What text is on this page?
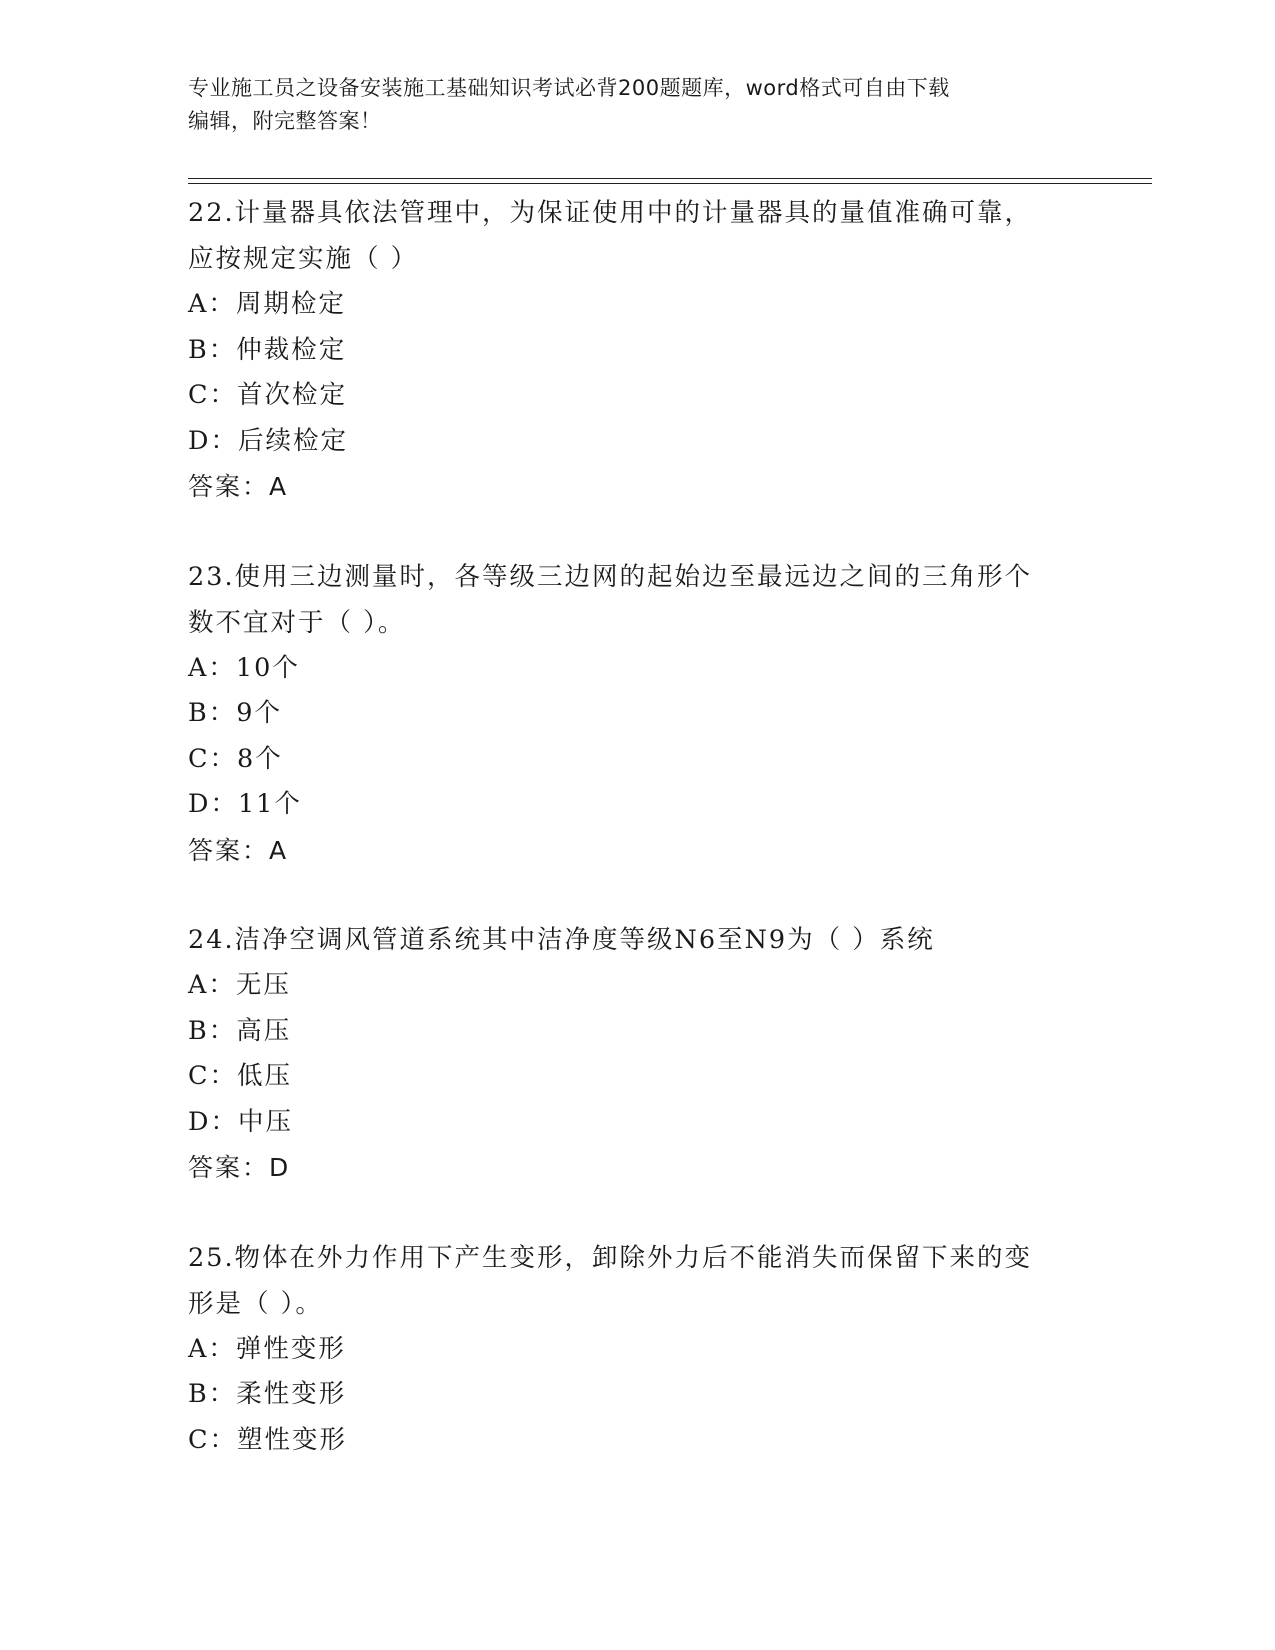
专业施工员之设备安装施工基础知识考试必背200题题库，word格式可自由下载
编辑，附完整答案！

22.计量器具依法管理中，为保证使用中的计量器具的量值准确可靠，

应按规定实施（ ）

A：周期检定

B：仲裁检定

C：首次检定

D：后续检定

答案：A

23.使用三边测量时，各等级三边网的起始边至最远边之间的三角形个

数不宜对于（ ）。

A：10个

B：9个

C：8个

D：11个

答案：A

24.洁净空调风管道系统其中洁净度等级N6至N9为（ ）系统

A：无压

B：高压

C：低压

D：中压

答案：D

25.物体在外力作用下产生变形，卸除外力后不能消失而保留下来的变

形是（ ）。

A：弹性变形

B：柔性变形

C：塑性变形
